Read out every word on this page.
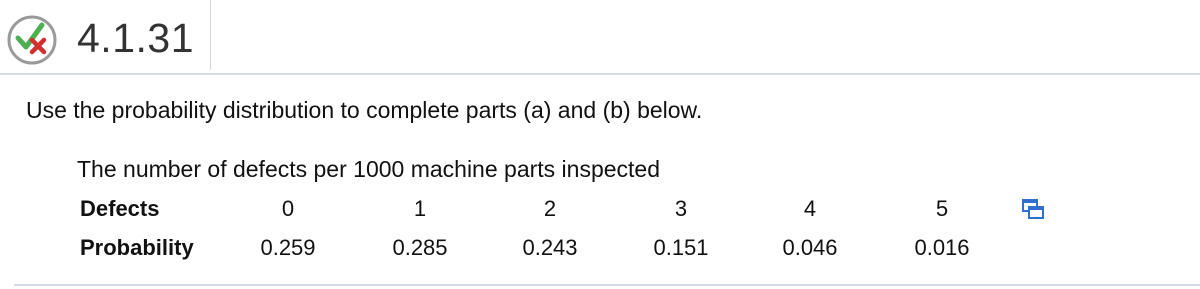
4.1.31
Use the probability distribution to complete parts (a) and (b) below.
The number of defects per 1000 machine parts inspected
Defects	0	1	2	3	4	5
Probability	0.259	0.285	0.243	0.151	0.046	0.016
